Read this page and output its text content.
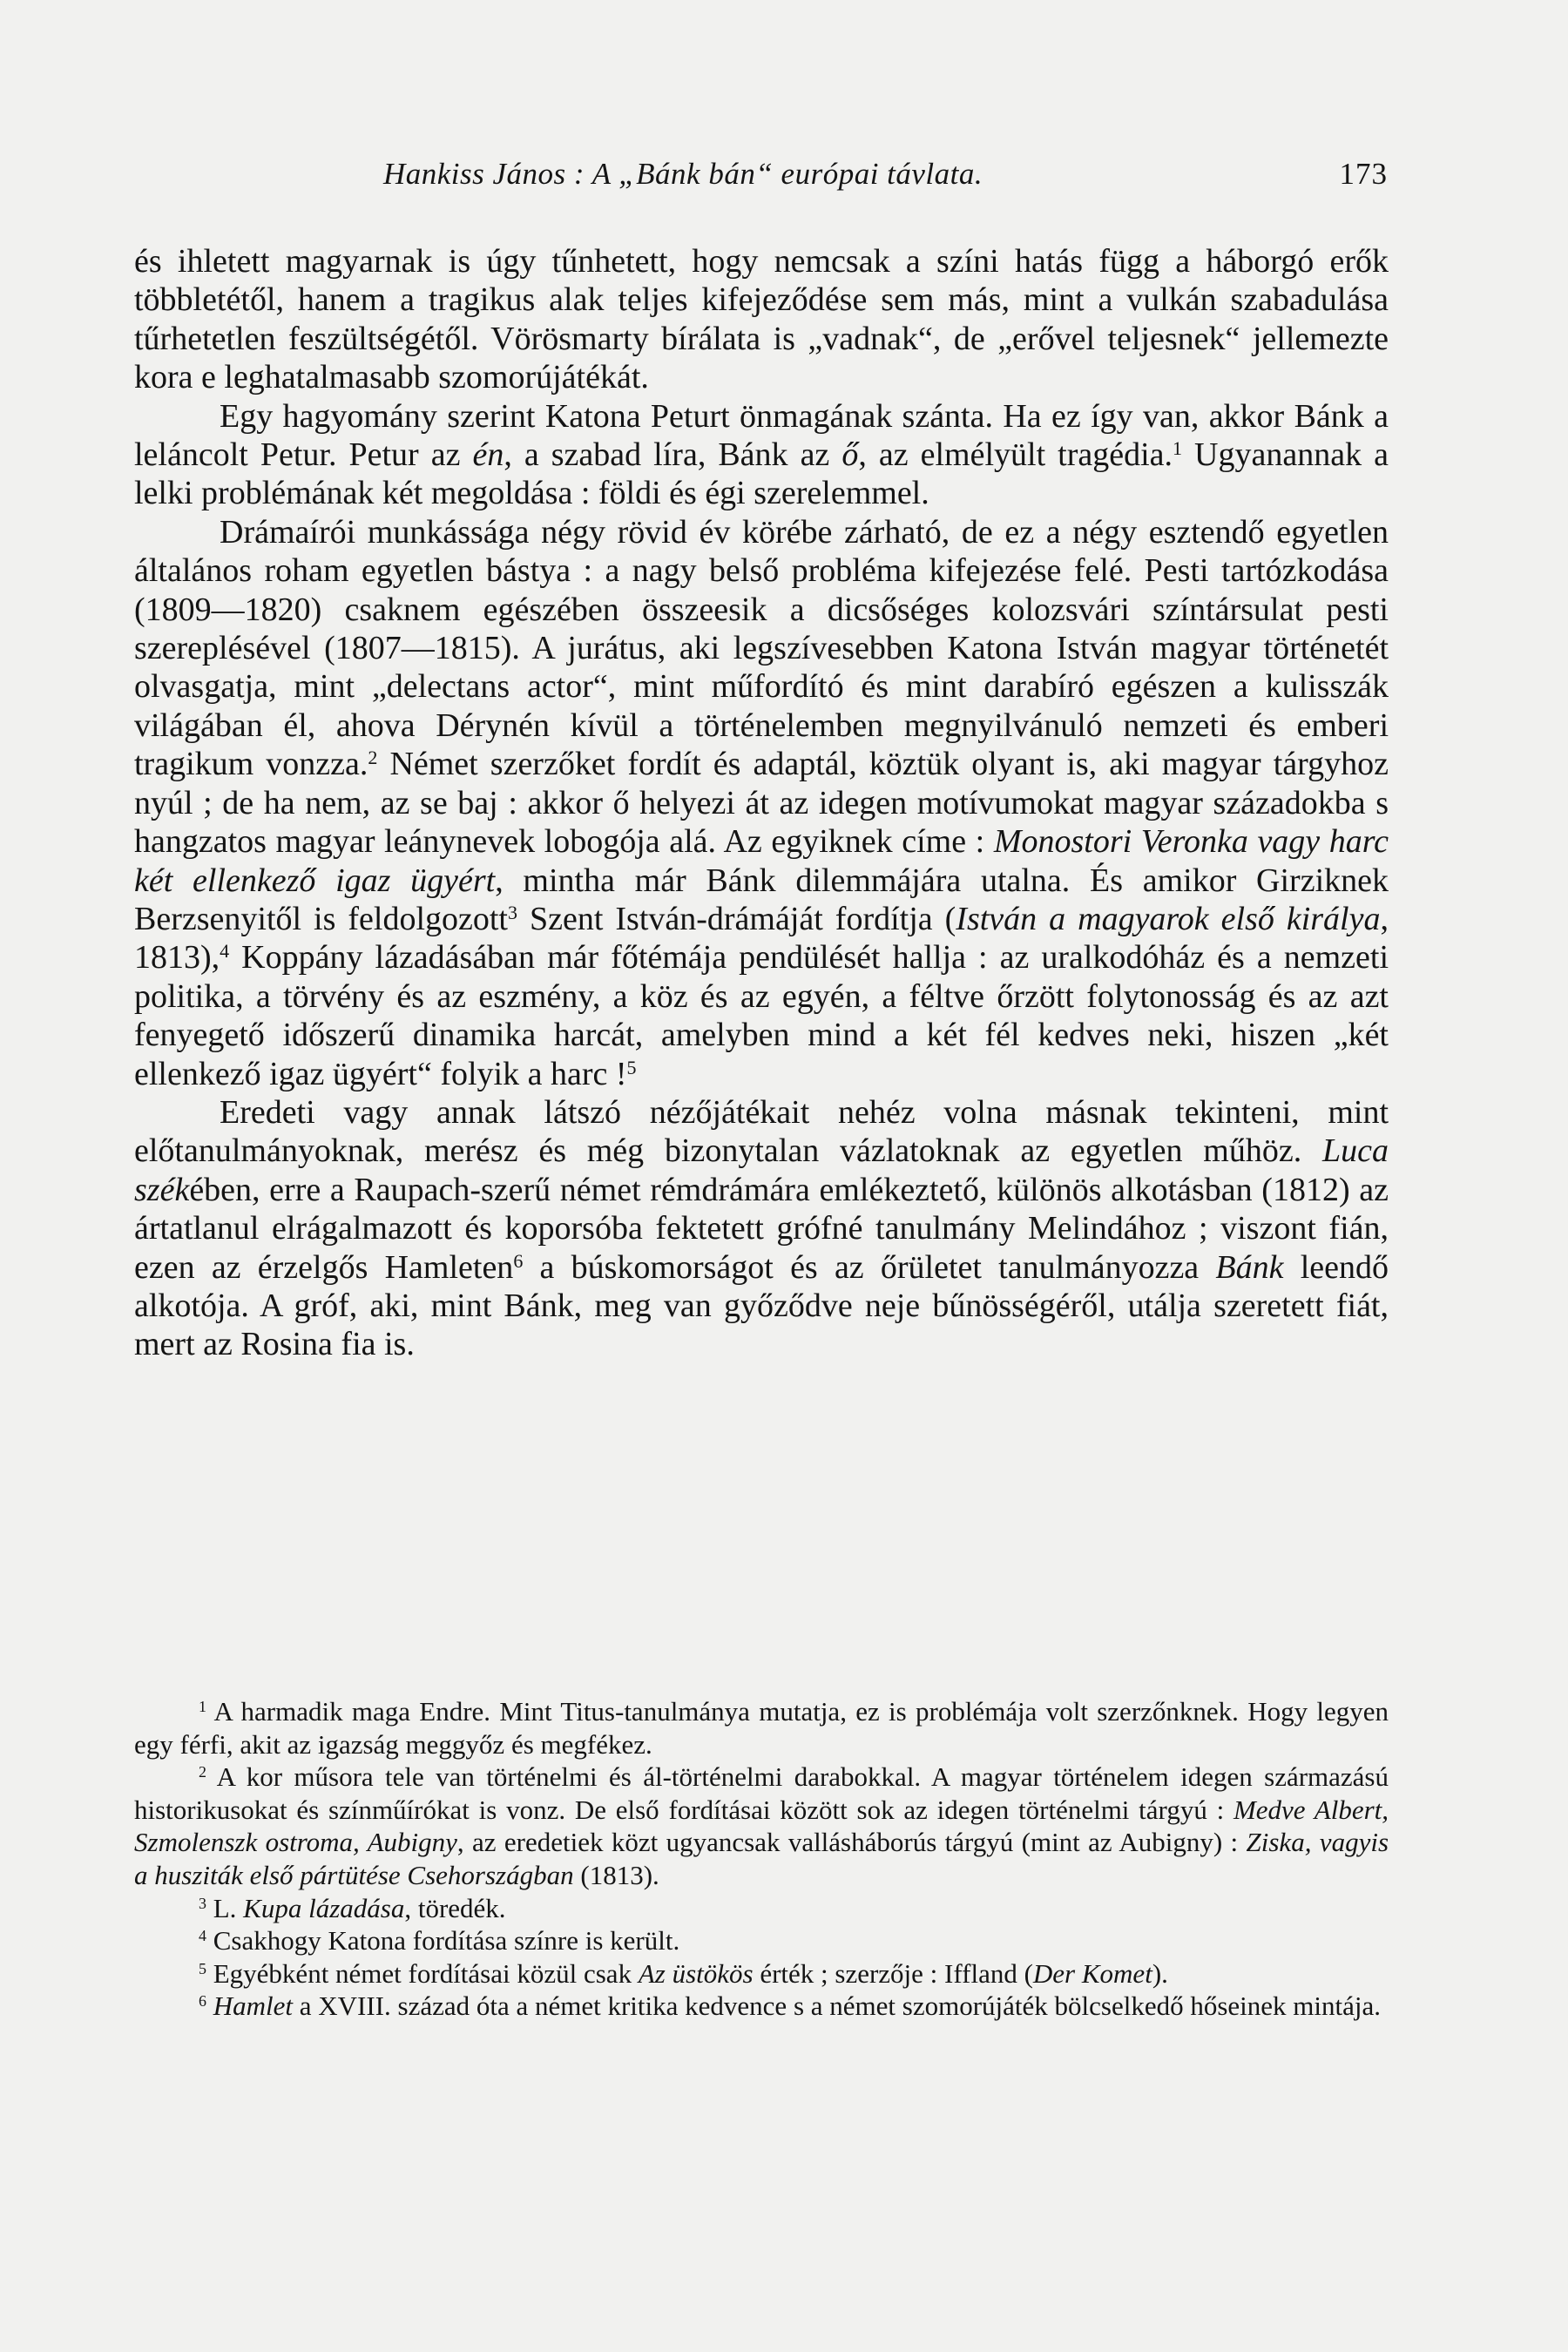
Hankiss János : A „Bánk bán“ európai távlata.	173

és ihletett magyarnak is úgy tűnhetett, hogy nemcsak a színi hatás függ a háborgó erők többletétől, hanem a tragikus alak teljes kifejeződése sem más, mint a vulkán szabadulása tűrhetetlen feszültségétől. Vörösmarty bírálata is „vadnak“, de „erővel teljesnek“ jellemezte kora e leghatalmasabb szomorújátékát.

Egy hagyomány szerint Katona Peturt önmagának szánta. Ha ez így van, akkor Bánk a leláncolt Petur. Petur az én, a szabad líra, Bánk az ő, az elmélyült tragédia.$^1$ Ugyanannak a lelki problémának két megoldása : földi és égi szerelemmel.

Drámaírói munkássága négy rövid év körébe zárható, de ez a négy esztendő egyetlen általános roham egyetlen bástya : a nagy belső probléma kifejezése felé. Pesti tartózkodása (1809—1820) csaknem egészében összeesik a dicsőséges kolozsvári színtársulat pesti szereplésével (1807—1815). A jurátus, aki legszívesebben Katona István magyar történetét olvasgatja, mint „delectans actor“, mint műfordító és mint darabíró egészen a kulisszák világában él, ahova Dérynén kívül a történelemben megnyilvánuló nemzeti és emberi tragikum vonzza.$^2$ Német szerzőket fordít és adaptál, köztük olyant is, aki magyar tárgyhoz nyúl ; de ha nem, az se baj : akkor ő helyezi át az idegen motívumokat magyar századokba s hangzatos magyar leánynevek lobogója alá. Az egyiknek címe : Monostori Veronka vagy harc két ellenkező igaz ügyért, mintha már Bánk dilemmájára utalna. És amikor Girziknek Berzsenyitől is feldolgozott$^3$ Szent István-drámáját fordítja (István a magyarok első királya, 1813),$^4$ Koppány lázadásában már főtémája pendülését hallja : az uralkodóház és a nemzeti politika, a törvény és az eszmény, a köz és az egyén, a féltve őrzött folytonosság és az azt fenyegető időszerű dinamika harcát, amelyben mind a két fél kedves neki, hiszen „két ellenkező igaz ügyért“ folyik a harc !$^5$

Eredeti vagy annak látszó nézőjátékait nehéz volna másnak tekinteni, mint előtanulmányoknak, merész és még bizonytalan vázlatoknak az egyetlen műhöz. Luca székében, erre a Raupach-szerű német rémdrámára emlékeztető, különös alkotásban (1812) az ártatlanul elrágalmazott és koporsóba fektetett grófné tanulmány Melindához ; viszont fián, ezen az érzelgős Hamleten$^6$ a búskomorságot és az őrületet tanulmányozza Bánk leendő alkotója. A gróf, aki, mint Bánk, meg van győződve neje bűnösségéről, utálja szeretett fiát, mert az Rosina fia is.

$^1$ A harmadik maga Endre. Mint Titus-tanulmánya mutatja, ez is problémája volt szerzőnknek. Hogy legyen egy férfi, akit az igazság meggyőz és megfékez.

$^2$ A kor műsora tele van történelmi és ál-történelmi darabokkal. A magyar történelem idegen származású historikusokat és színműírókat is vonz. De első fordításai között sok az idegen történelmi tárgyú : Medve Albert, Szmolenszk ostroma, Aubigny, az eredetiek közt ugyancsak vallásháborús tárgyú (mint az Aubigny) : Ziska, vagyis a husziták első pártütése Csehországban (1813).

$^3$ L. Kupa lázadása, töredék.

$^4$ Csakhogy Katona fordítása színre is került.

$^5$ Egyébként német fordításai közül csak Az üstökös érték ; szerzője : Iffland (Der Komet).

$^6$ Hamlet a XVIII. század óta a német kritika kedvence s a német szomorújáték bölcselkedő hőseinek mintája.
